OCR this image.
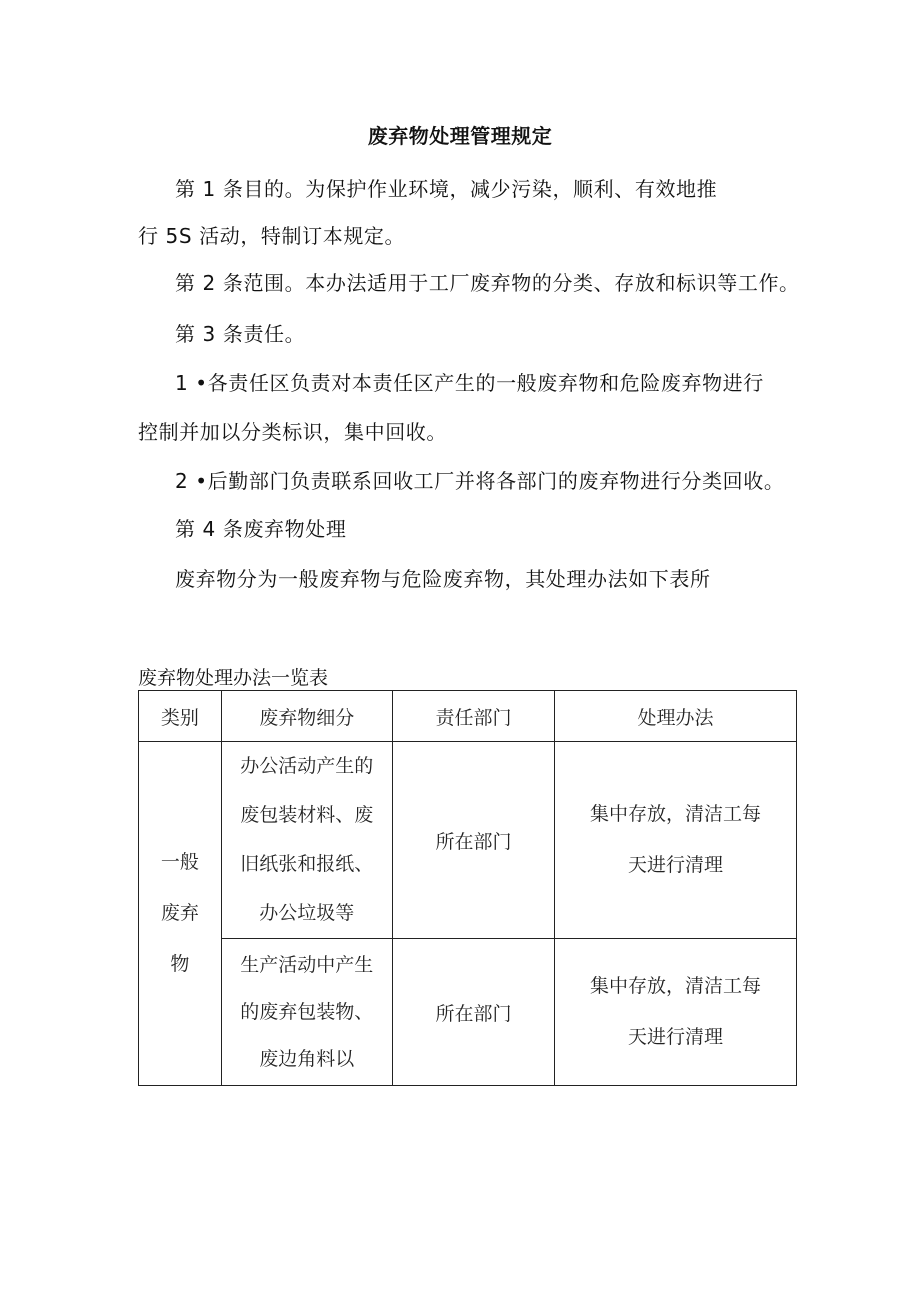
废弃物处理管理规定
第 1 条目的。为保护作业环境，减少污染，顺利、有效地推
行 5S 活动，特制订本规定。
第 2 条范围。本办法适用于工厂废弃物的分类、存放和标识等工作。
第 3 条责任。
1 •各责任区负责对本责任区产生的一般废弃物和危险废弃物进行
控制并加以分类标识，集中回收。
2 •后勤部门负责联系回收工厂并将各部门的废弃物进行分类回收。
第 4 条废弃物处理
废弃物分为一般废弃物与危险废弃物，其处理办法如下表所
废弃物处理办法一览表
类别	废弃物细分	责任部门	处理办法

一般
废弃
物	办公活动产生的
废包装材料、废
旧纸张和报纸、
办公垃圾等	所在部门	集中存放，清洁工每
天进行清理

	生产活动中产生
的废弃包装物、
废边角料以	所在部门	集中存放，清洁工每
天进行清理
